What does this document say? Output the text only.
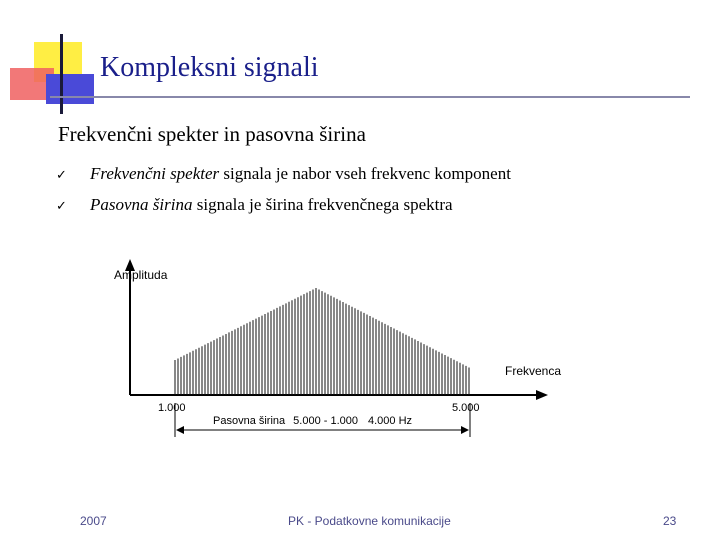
Kompleksni signali
Frekvenčni spekter in pasovna širina
✓	Frekvenčni spekter signala je nabor vseh frekvenc komponent
✓	Pasovna širina signala je širina frekvenčnega spektra
Amplituda
Frekvenca
1.000	5.000
Pasovna širina 5.000 - 1.000 4.000 Hz
2007	PK - Podatkovne komunikacije	23
